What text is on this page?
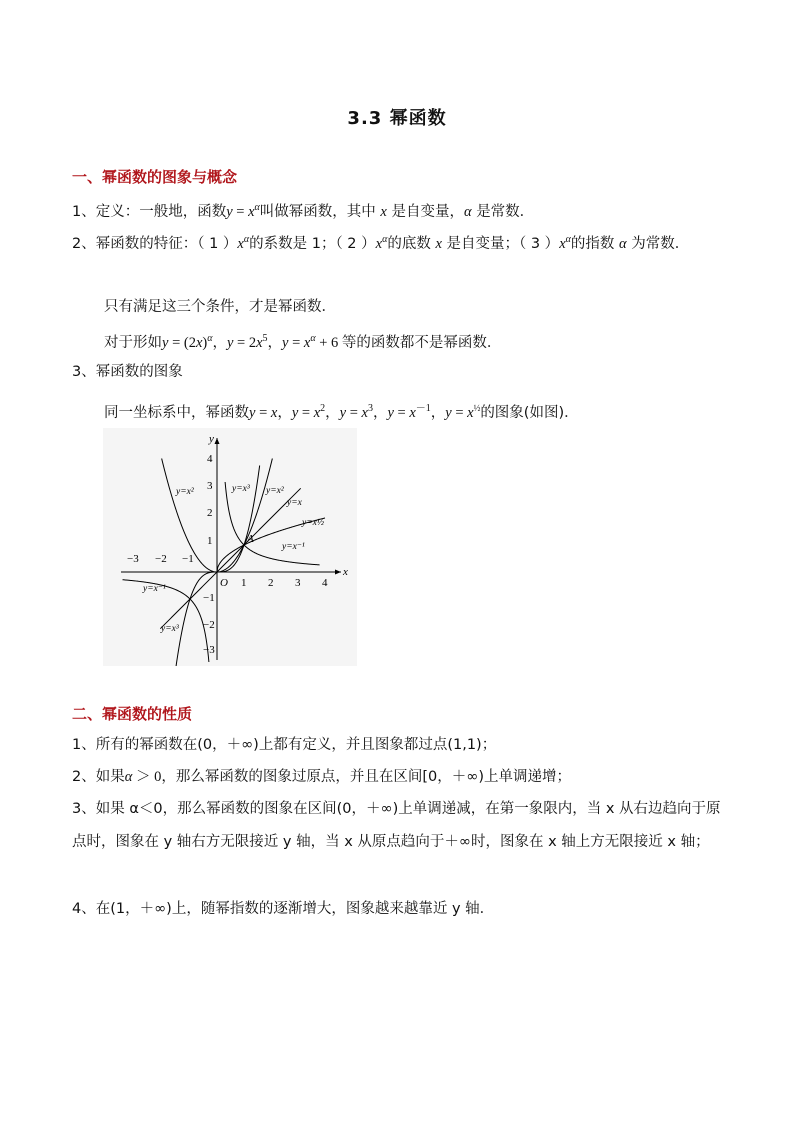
3.3 幂函数
一、幂函数的图象与概念
1、定义：一般地，函数$y = x^\alpha$叫做幂函数，其中 x 是自变量，α 是常数．
2、幂函数的特征：（ 1 ）$x^\alpha$的系数是 1；（ 2 ）$x^\alpha$的底数 x 是自变量；（ 3 ）$x^\alpha$的指数 α 为常数．
只有满足这三个条件，才是幂函数．
对于形如$y = (2x)^\alpha$，$y = 2x^5$，$y = x^\alpha + 6$ 等的函数都不是幂函数．
3、幂函数的图象
同一坐标系中，幂函数y = x，$y = x^2$，$y = x^3$，$y = x^{-1}$，$y = x^{\frac{1}{2}}$的图象(如图)．
x
y
O
A
−3 −2 −1
1 2 3 4
4
3
2
1
−1
−2
−3
y=x²	y=x³ y=x²
y=x
y=x½
y=x⁻¹
y=x⁻¹
y=x³
二、幂函数的性质
1、所有的幂函数在(0，＋∞)上都有定义，并且图象都过点(1,1)；
2、如果α ＞ 0，那么幂函数的图象过原点，并且在区间[0，＋∞)上单调递增；
3、如果 α＜0，那么幂函数的图象在区间(0，＋∞)上单调递减，在第一象限内，当 x 从右边趋向于原点时，图象在 y 轴右方无限接近 y 轴，当 x 从原点趋向于＋∞时，图象在 x 轴上方无限接近 x 轴；
4、在(1，＋∞)上，随幂指数的逐渐增大，图象越来越靠近 y 轴．
